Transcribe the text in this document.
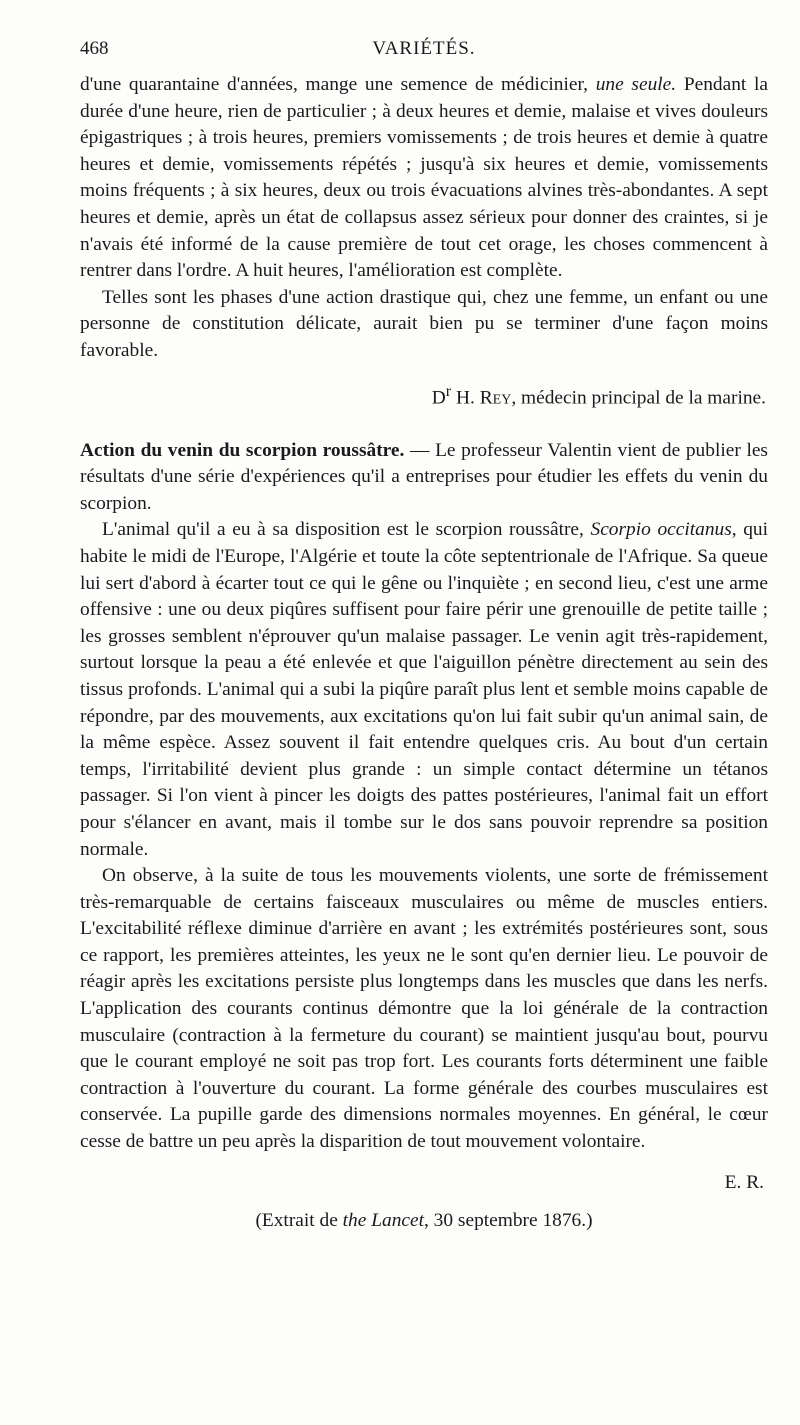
468	VARIÉTÉS.

d'une quarantaine d'années, mange une semence de médicinier, une seule. Pendant la durée d'une heure, rien de particulier ; à deux heures et demie, malaise et vives douleurs épigastriques ; à trois heures, premiers vomissements ; de trois heures et demie à quatre heures et demie, vomissements répétés ; jusqu'à six heures et demie, vomissements moins fréquents ; à six heures, deux ou trois évacuations alvines très-abondantes. A sept heures et demie, après un état de collapsus assez sérieux pour donner des craintes, si je n'avais été informé de la cause première de tout cet orage, les choses commencent à rentrer dans l'ordre. A huit heures, l'amélioration est complète.

Telles sont les phases d'une action drastique qui, chez une femme, un enfant ou une personne de constitution délicate, aurait bien pu se terminer d'une façon moins favorable.

$D^r$ H. Rey, médecin principal de la marine.

Action du venin du scorpion roussâtre. — Le professeur Valentin vient de publier les résultats d'une série d'expériences qu'il a entreprises pour étudier les effets du venin du scorpion.

L'animal qu'il a eu à sa disposition est le scorpion roussâtre, Scorpio occitanus, qui habite le midi de l'Europe, l'Algérie et toute la côte septentrionale de l'Afrique. Sa queue lui sert d'abord à écarter tout ce qui le gêne ou l'inquiète ; en second lieu, c'est une arme offensive : une ou deux piqûres suffisent pour faire périr une grenouille de petite taille ; les grosses semblent n'éprouver qu'un malaise passager. Le venin agit très-rapidement, surtout lorsque la peau a été enlevée et que l'aiguillon pénètre directement au sein des tissus profonds. L'animal qui a subi la piqûre paraît plus lent et semble moins capable de répondre, par des mouvements, aux excitations qu'on lui fait subir qu'un animal sain, de la même espèce. Assez souvent il fait entendre quelques cris. Au bout d'un certain temps, l'irritabilité devient plus grande : un simple contact détermine un tétanos passager. Si l'on vient à pincer les doigts des pattes postérieures, l'animal fait un effort pour s'élancer en avant, mais il tombe sur le dos sans pouvoir reprendre sa position normale.

On observe, à la suite de tous les mouvements violents, une sorte de frémissement très-remarquable de certains faisceaux musculaires ou même de muscles entiers. L'excitabilité réflexe diminue d'arrière en avant ; les extrémités postérieures sont, sous ce rapport, les premières atteintes, les yeux ne le sont qu'en dernier lieu. Le pouvoir de réagir après les excitations persiste plus longtemps dans les muscles que dans les nerfs. L'application des courants continus démontre que la loi générale de la contraction musculaire (contraction à la fermeture du courant) se maintient jusqu'au bout, pourvu que le courant employé ne soit pas trop fort. Les courants forts déterminent une faible contraction à l'ouverture du courant. La forme générale des courbes musculaires est conservée. La pupille garde des dimensions normales moyennes. En général, le cœur cesse de battre un peu après la disparition de tout mouvement volontaire.

E. R.

(Extrait de the Lancet, 30 septembre 1876.)
